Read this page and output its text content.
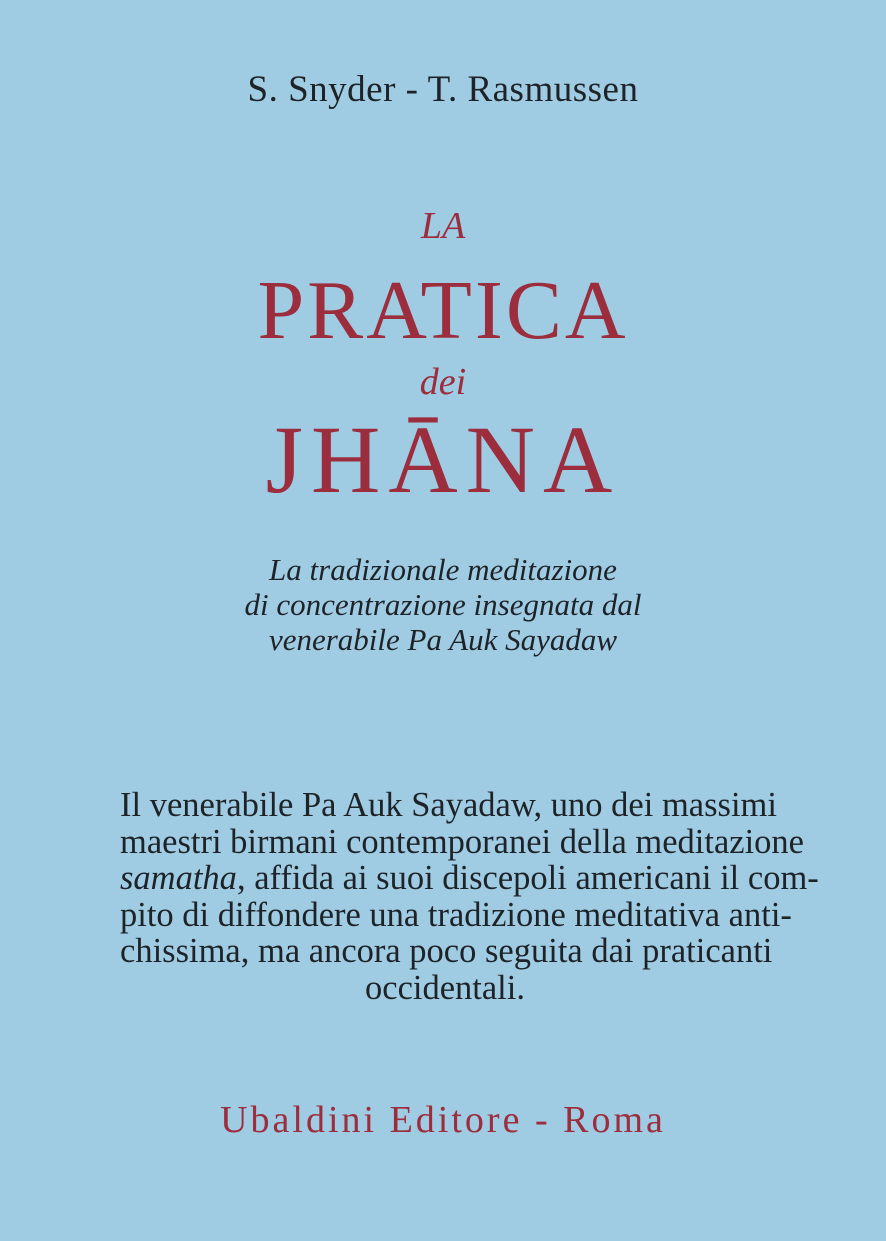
S. Snyder - T. Rasmussen

LA

PRATICA

dei

JHĀNA

La tradizionale meditazione
di concentrazione insegnata dal
venerabile Pa Auk Sayadaw
Il venerabile Pa Auk Sayadaw, uno dei massimi
maestri birmani contemporanei della meditazione
samatha, affida ai suoi discepoli americani il com-
pito di diffondere una tradizione meditativa anti-
chissima, ma ancora poco seguita dai praticanti
occidentali.

Ubaldini Editore - Roma
